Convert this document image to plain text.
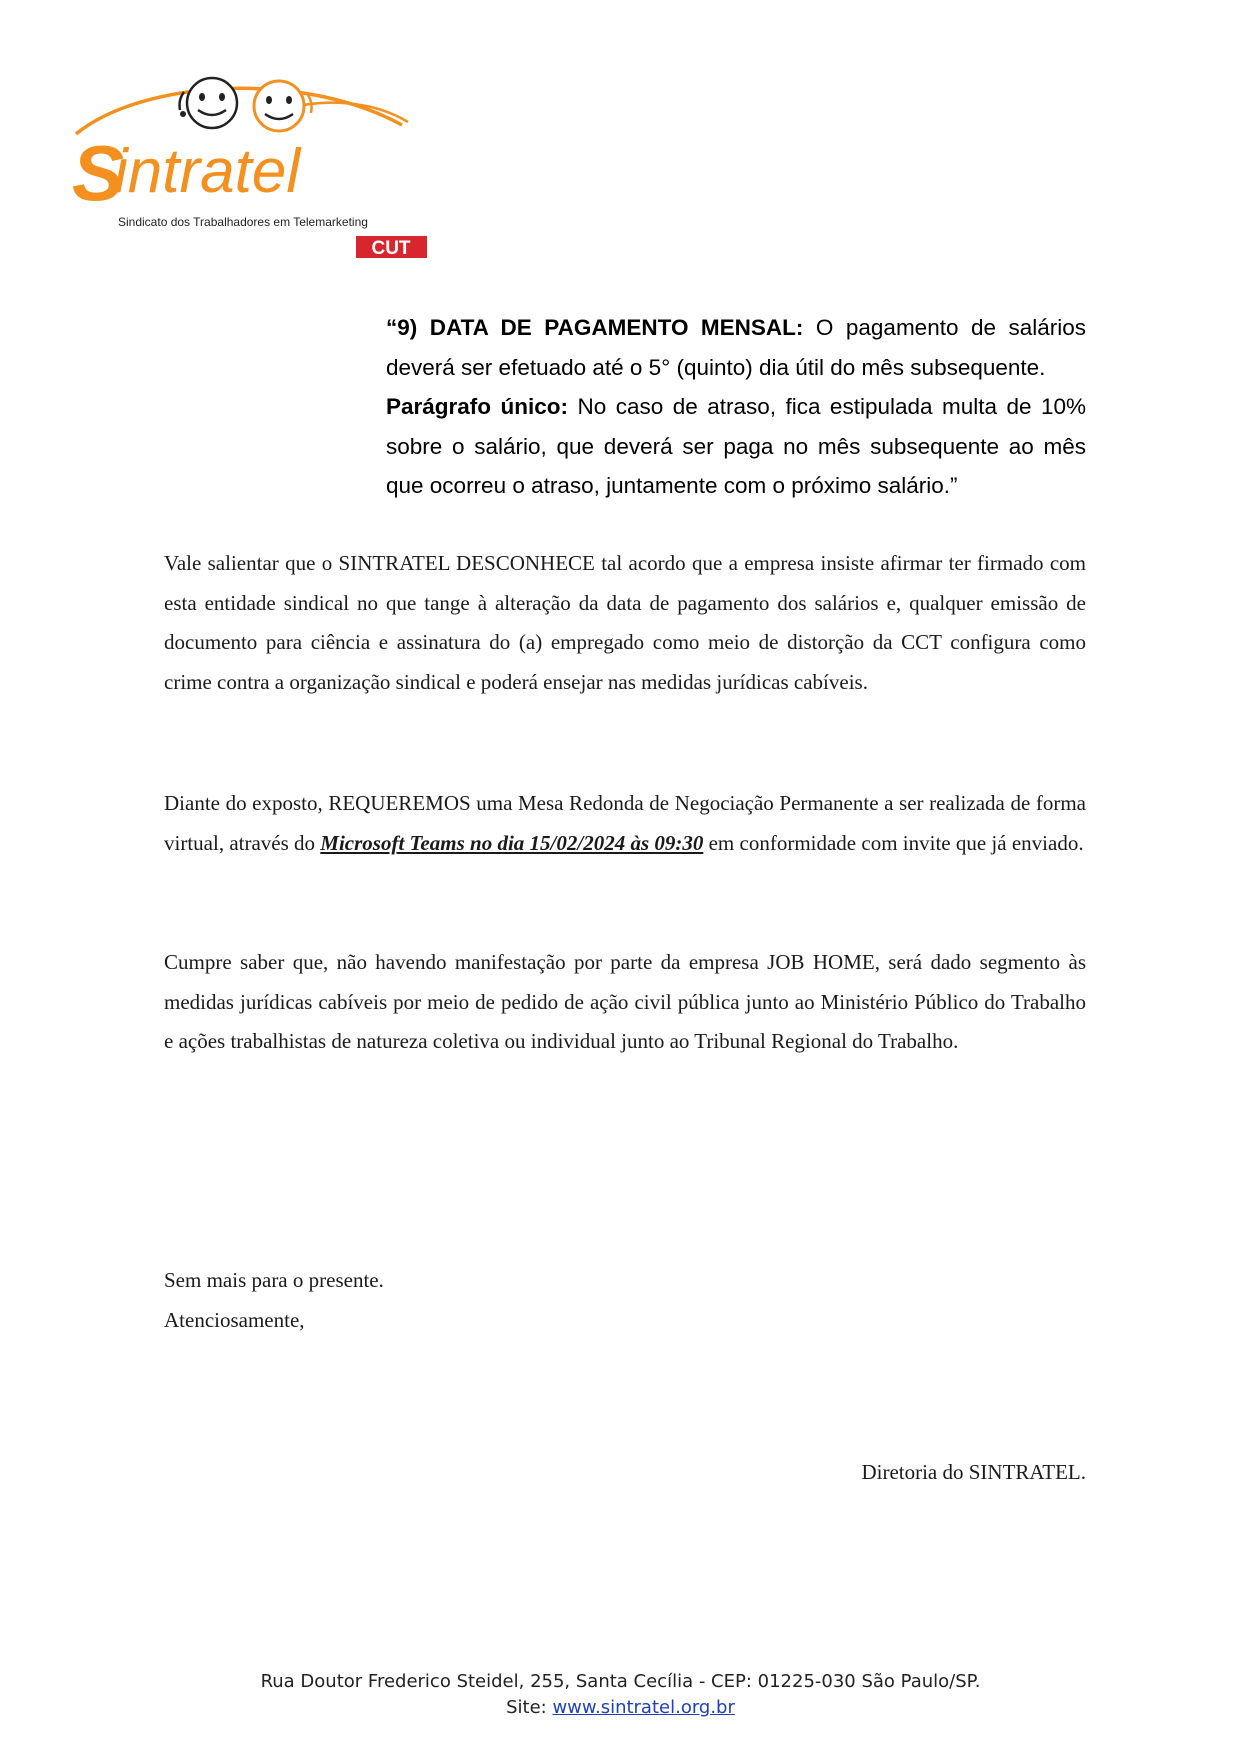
S
intratel
Sindicato dos Trabalhadores em Telemarketing
CUT

“9) DATA DE PAGAMENTO MENSAL: O pagamento de salários deverá ser efetuado até o 5° (quinto) dia útil do mês subsequente.
Parágrafo único: No caso de atraso, fica estipulada multa de 10% sobre o salário, que deverá ser paga no mês subsequente ao mês que ocorreu o atraso, juntamente com o próximo salário.”

Vale salientar que o SINTRATEL DESCONHECE tal acordo que a empresa insiste afirmar ter firmado com esta entidade sindical no que tange à alteração da data de pagamento dos salários e, qualquer emissão de documento para ciência e assinatura do (a) empregado como meio de distorção da CCT configura como crime contra a organização sindical e poderá ensejar nas medidas jurídicas cabíveis.

Diante do exposto, REQUEREMOS uma Mesa Redonda de Negociação Permanente a ser realizada de forma virtual, através do Microsoft Teams no dia 15/02/2024 às 09:30 em conformidade com invite que já enviado.

Cumpre saber que, não havendo manifestação por parte da empresa JOB HOME, será dado segmento às medidas jurídicas cabíveis por meio de pedido de ação civil pública junto ao Ministério Público do Trabalho e ações trabalhistas de natureza coletiva ou individual junto ao Tribunal Regional do Trabalho.

Sem mais para o presente.
Atenciosamente,

Diretoria do SINTRATEL.

Rua Doutor Frederico Steidel, 255, Santa Cecília - CEP: 01225-030 São Paulo/SP.
Site: www.sintratel.org.br
